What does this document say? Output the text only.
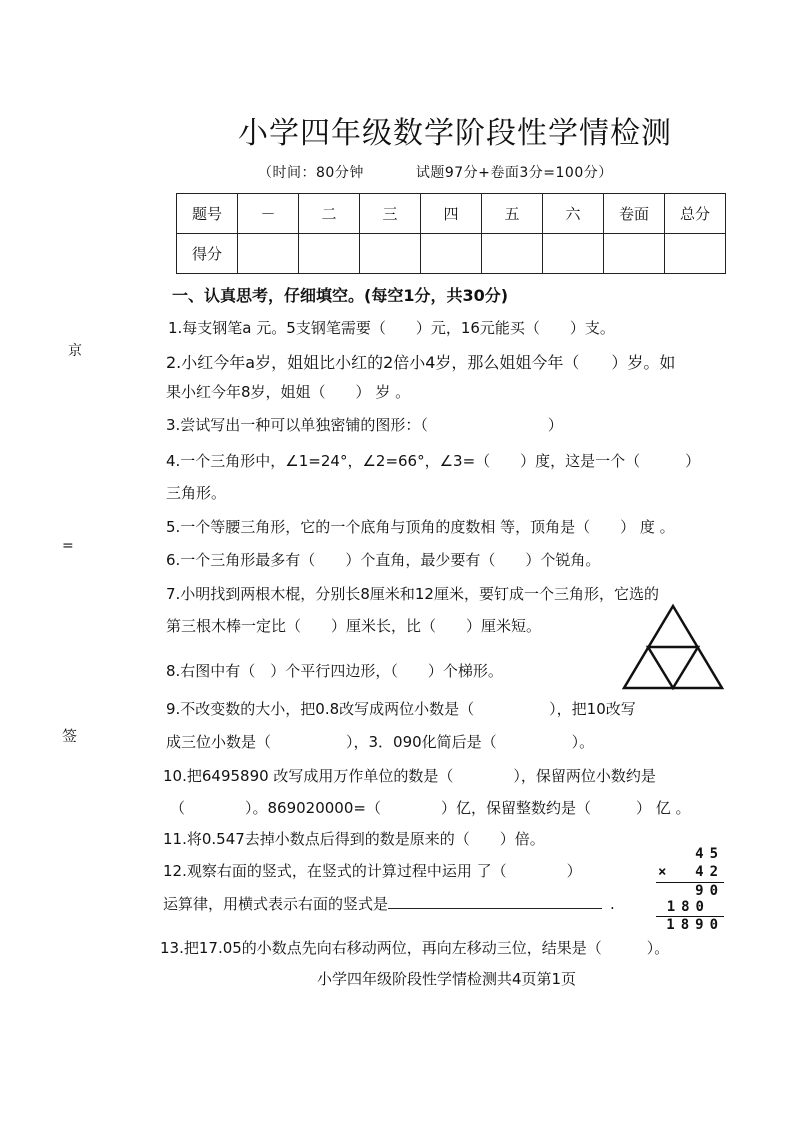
小学四年级数学阶段性学情检测
（时间：80分钟	试题97分+卷面3分=100分）
题号	－	二	三	四	五	六	卷面	总分
得分								
京
=
签
一、认真思考，仔细填空。(每空1分，共30分)
1.每支钢笔a 元。5支钢笔需要（　　）元，16元能买（　　）支。
2.小红今年a岁，姐姐比小红的2倍小4岁，那么姐姐今年（　　）岁。如
果小红今年8岁，姐姐（　　） 岁 。
3.尝试写出一种可以单独密铺的图形：（　　　　　　　　）
4.一个三角形中，∠1=24°，∠2=66°，∠3=（　　）度，这是一个（　　　）
三角形。
5.一个等腰三角形，它的一个底角与顶角的度数相 等，顶角是（　　） 度 。
6.一个三角形最多有（　　）个直角，最少要有（　　）个锐角。
7.小明找到两根木棍，分别长8厘米和12厘米，要钉成一个三角形，它选的
第三根木棒一定比（　　）厘米长，比（　　）厘米短。
8.右图中有（　）个平行四边形，（　　）个梯形。
9.不改变数的大小，把0.8改写成两位小数是（　　　　　），把10改写
成三位小数是（　　　　　），3．090化简后是（　　　　　）。
10.把6495890 改写成用万作单位的数是（　　　　），保留两位小数约是
（　　　　）。869020000=（　　　　）亿，保留整数约是（　　　） 亿 。
11.将0.547去掉小数点后得到的数是原来的（　　）倍。
12.观察右面的竖式，在竖式的计算过程中运用 了（　　　　）
运算律，用横式表示右面的竖式是	.
13.把17.05的小数点先向右移动两位，再向左移动三位，结果是（　　　）。
45
× 42
90
180
1890
小学四年级阶段性学情检测共4页第1页
